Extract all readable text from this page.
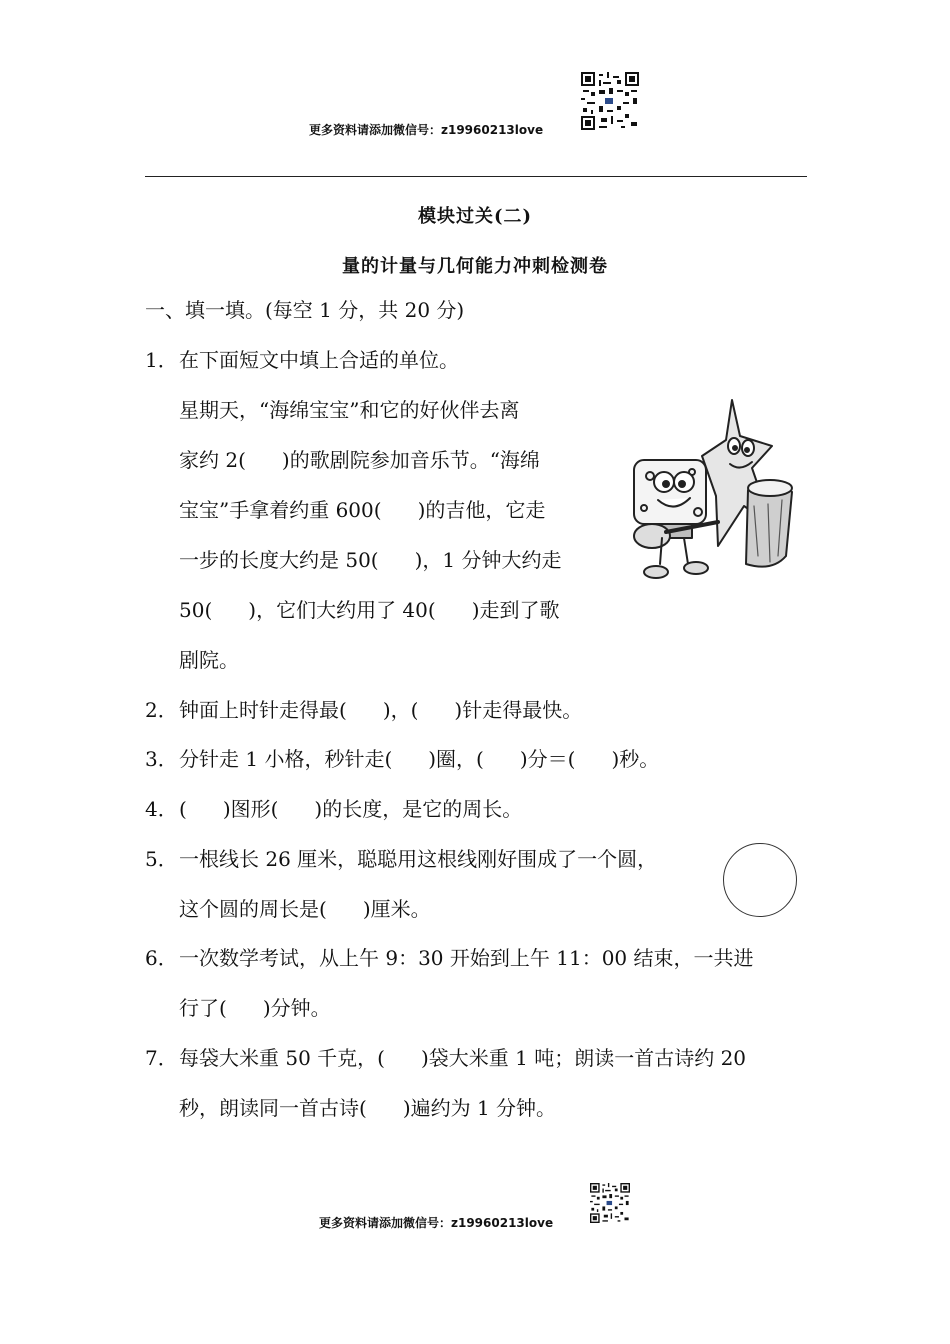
更多资料请添加微信号：z19960213love
模块过关(二)
量的计量与几何能力冲刺检测卷
一、填一填。(每空 1 分，共 20 分)
1．在下面短文中填上合适的单位。
星期天，“海绵宝宝”和它的好伙伴去离
家约 2( )的歌剧院参加音乐节。“海绵
宝宝”手拿着约重 600( )的吉他，它走
一步的长度大约是 50( )，1 分钟大约走
50( )，它们大约用了 40( )走到了歌
剧院。
2．钟面上时针走得最( )，( )针走得最快。
3．分针走 1 小格，秒针走( )圈，( )分＝( )秒。
4．( )图形( )的长度，是它的周长。
5．一根线长 26 厘米，聪聪用这根线刚好围成了一个圆，
这个圆的周长是( )厘米。
6．一次数学考试，从上午 9：30 开始到上午 11：00 结束，一共进
行了( )分钟。
7．每袋大米重 50 千克，( )袋大米重 1 吨；朗读一首古诗约 20
秒，朗读同一首古诗( )遍约为 1 分钟。
更多资料请添加微信号：z19960213love
